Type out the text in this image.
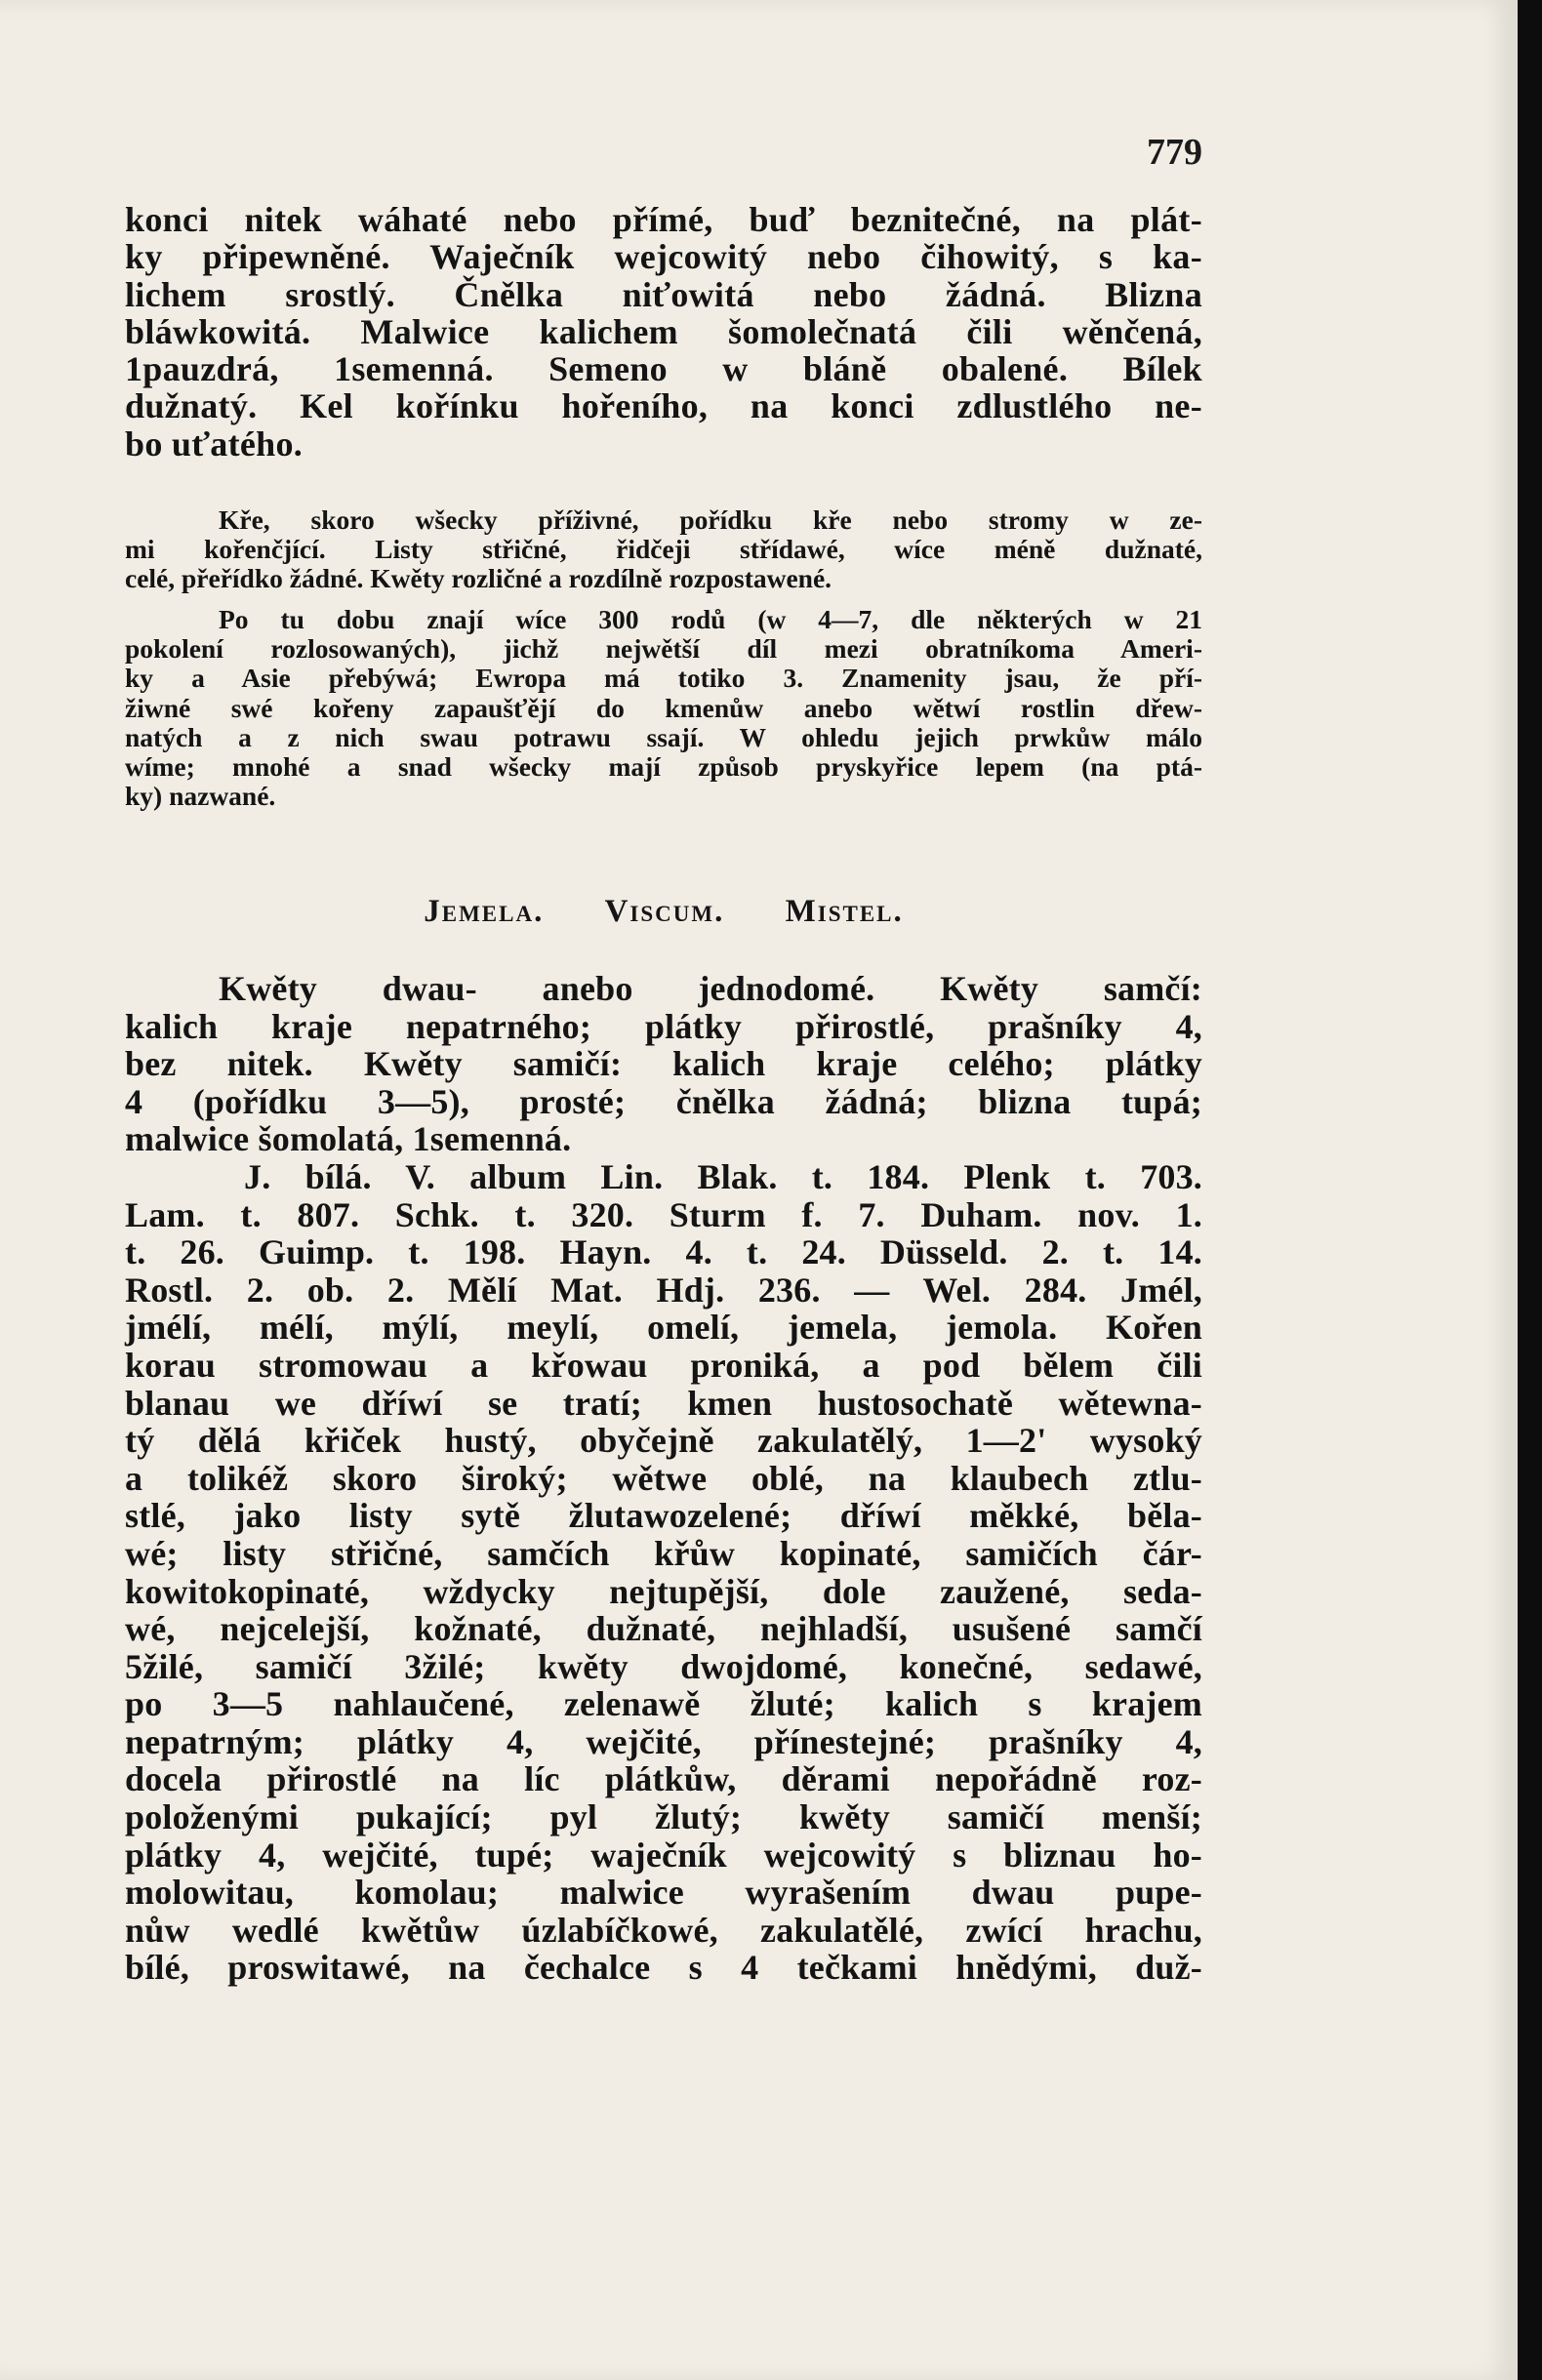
779
konci nitek wáhaté nebo přímé, buď beznitečné, na plát-
ky připewněné. Waječník wejcowitý nebo čihowitý, s ka-
lichem srostlý. Čnělka niťowitá nebo žádná. Blizna
bláwkowitá. Malwice kalichem šomolečnatá čili wěnčená,
1pauzdrá, 1semenná. Semeno w bláně obalené. Bílek
dužnatý. Kel kořínku hořeního, na konci zdlustlého ne-
bo uťatého.
Kře, skoro wšecky příživné, pořídku kře nebo stromy w ze-
mi kořenčjící. Listy střičné, řidčeji střídawé, wíce méně dužnaté,
celé, přeřídko žádné. Kwěty rozličné a rozdílně rozpostawené.
Po tu dobu znají wíce 300 rodů (w 4—7, dle některých w 21
pokolení rozlosowaných), jichž nejwětší díl mezi obratníkoma Ameri-
ky a Asie přebýwá; Ewropa má totiko 3. Znamenity jsau, že pří-
žiwné swé kořeny zapaušťějí do kmenůw anebo wětwí rostlin dřew-
natých a z nich swau potrawu ssají. W ohledu jejich prwkůw málo
wíme; mnohé a snad wšecky mají způsob pryskyřice lepem (na ptá-
ky) nazwané.
Jemela. Viscum. Mistel.
Kwěty dwau- anebo jednodomé. Kwěty samčí:
kalich kraje nepatrného; plátky přirostlé, prašníky 4,
bez nitek. Kwěty samičí: kalich kraje celého; plátky
4 (pořídku 3—5), prosté; čnělka žádná; blizna tupá;
malwice šomolatá, 1semenná.
J. bílá. V. album Lin. Blak. t. 184. Plenk t. 703.
Lam. t. 807. Schk. t. 320. Sturm f. 7. Duham. nov. 1.
t. 26. Guimp. t. 198. Hayn. 4. t. 24. Düsseld. 2. t. 14.
Rostl. 2. ob. 2. Mělí Mat. Hdj. 236. — Wel. 284. Jmél,
jmélí, mélí, mýlí, meylí, omelí, jemela, jemola. Kořen
korau stromowau a křowau proniká, a pod bělem čili
blanau we dříwí se tratí; kmen hustosochatě wětewna-
tý dělá křiček hustý, obyčejně zakulatělý, 1—2' wysoký
a tolikéž skoro široký; wětwe oblé, na klaubech ztlu-
stlé, jako listy sytě žlutawozelené; dříwí měkké, běla-
wé; listy střičné, samčích křůw kopinaté, samičích čár-
kowitokopinaté, wždycky nejtupější, dole zaužené, seda-
wé, nejcelejší, kožnaté, dužnaté, nejhladší, usušené samčí
5žilé, samičí 3žilé; kwěty dwojdomé, konečné, sedawé,
po 3—5 nahlaučené, zelenawě žluté; kalich s krajem
nepatrným; plátky 4, wejčité, přínestejné; prašníky 4,
docela přirostlé na líc plátkůw, děrami nepořádně roz-
položenými pukající; pyl žlutý; kwěty samičí menší;
plátky 4, wejčité, tupé; waječník wejcowitý s bliznau ho-
molowitau, komolau; malwice wyrašením dwau pupe-
nůw wedlé kwětůw úzlabíčkowé, zakulatělé, zwící hrachu,
bílé, proswitawé, na čechalce s 4 tečkami hnědými, duž-
